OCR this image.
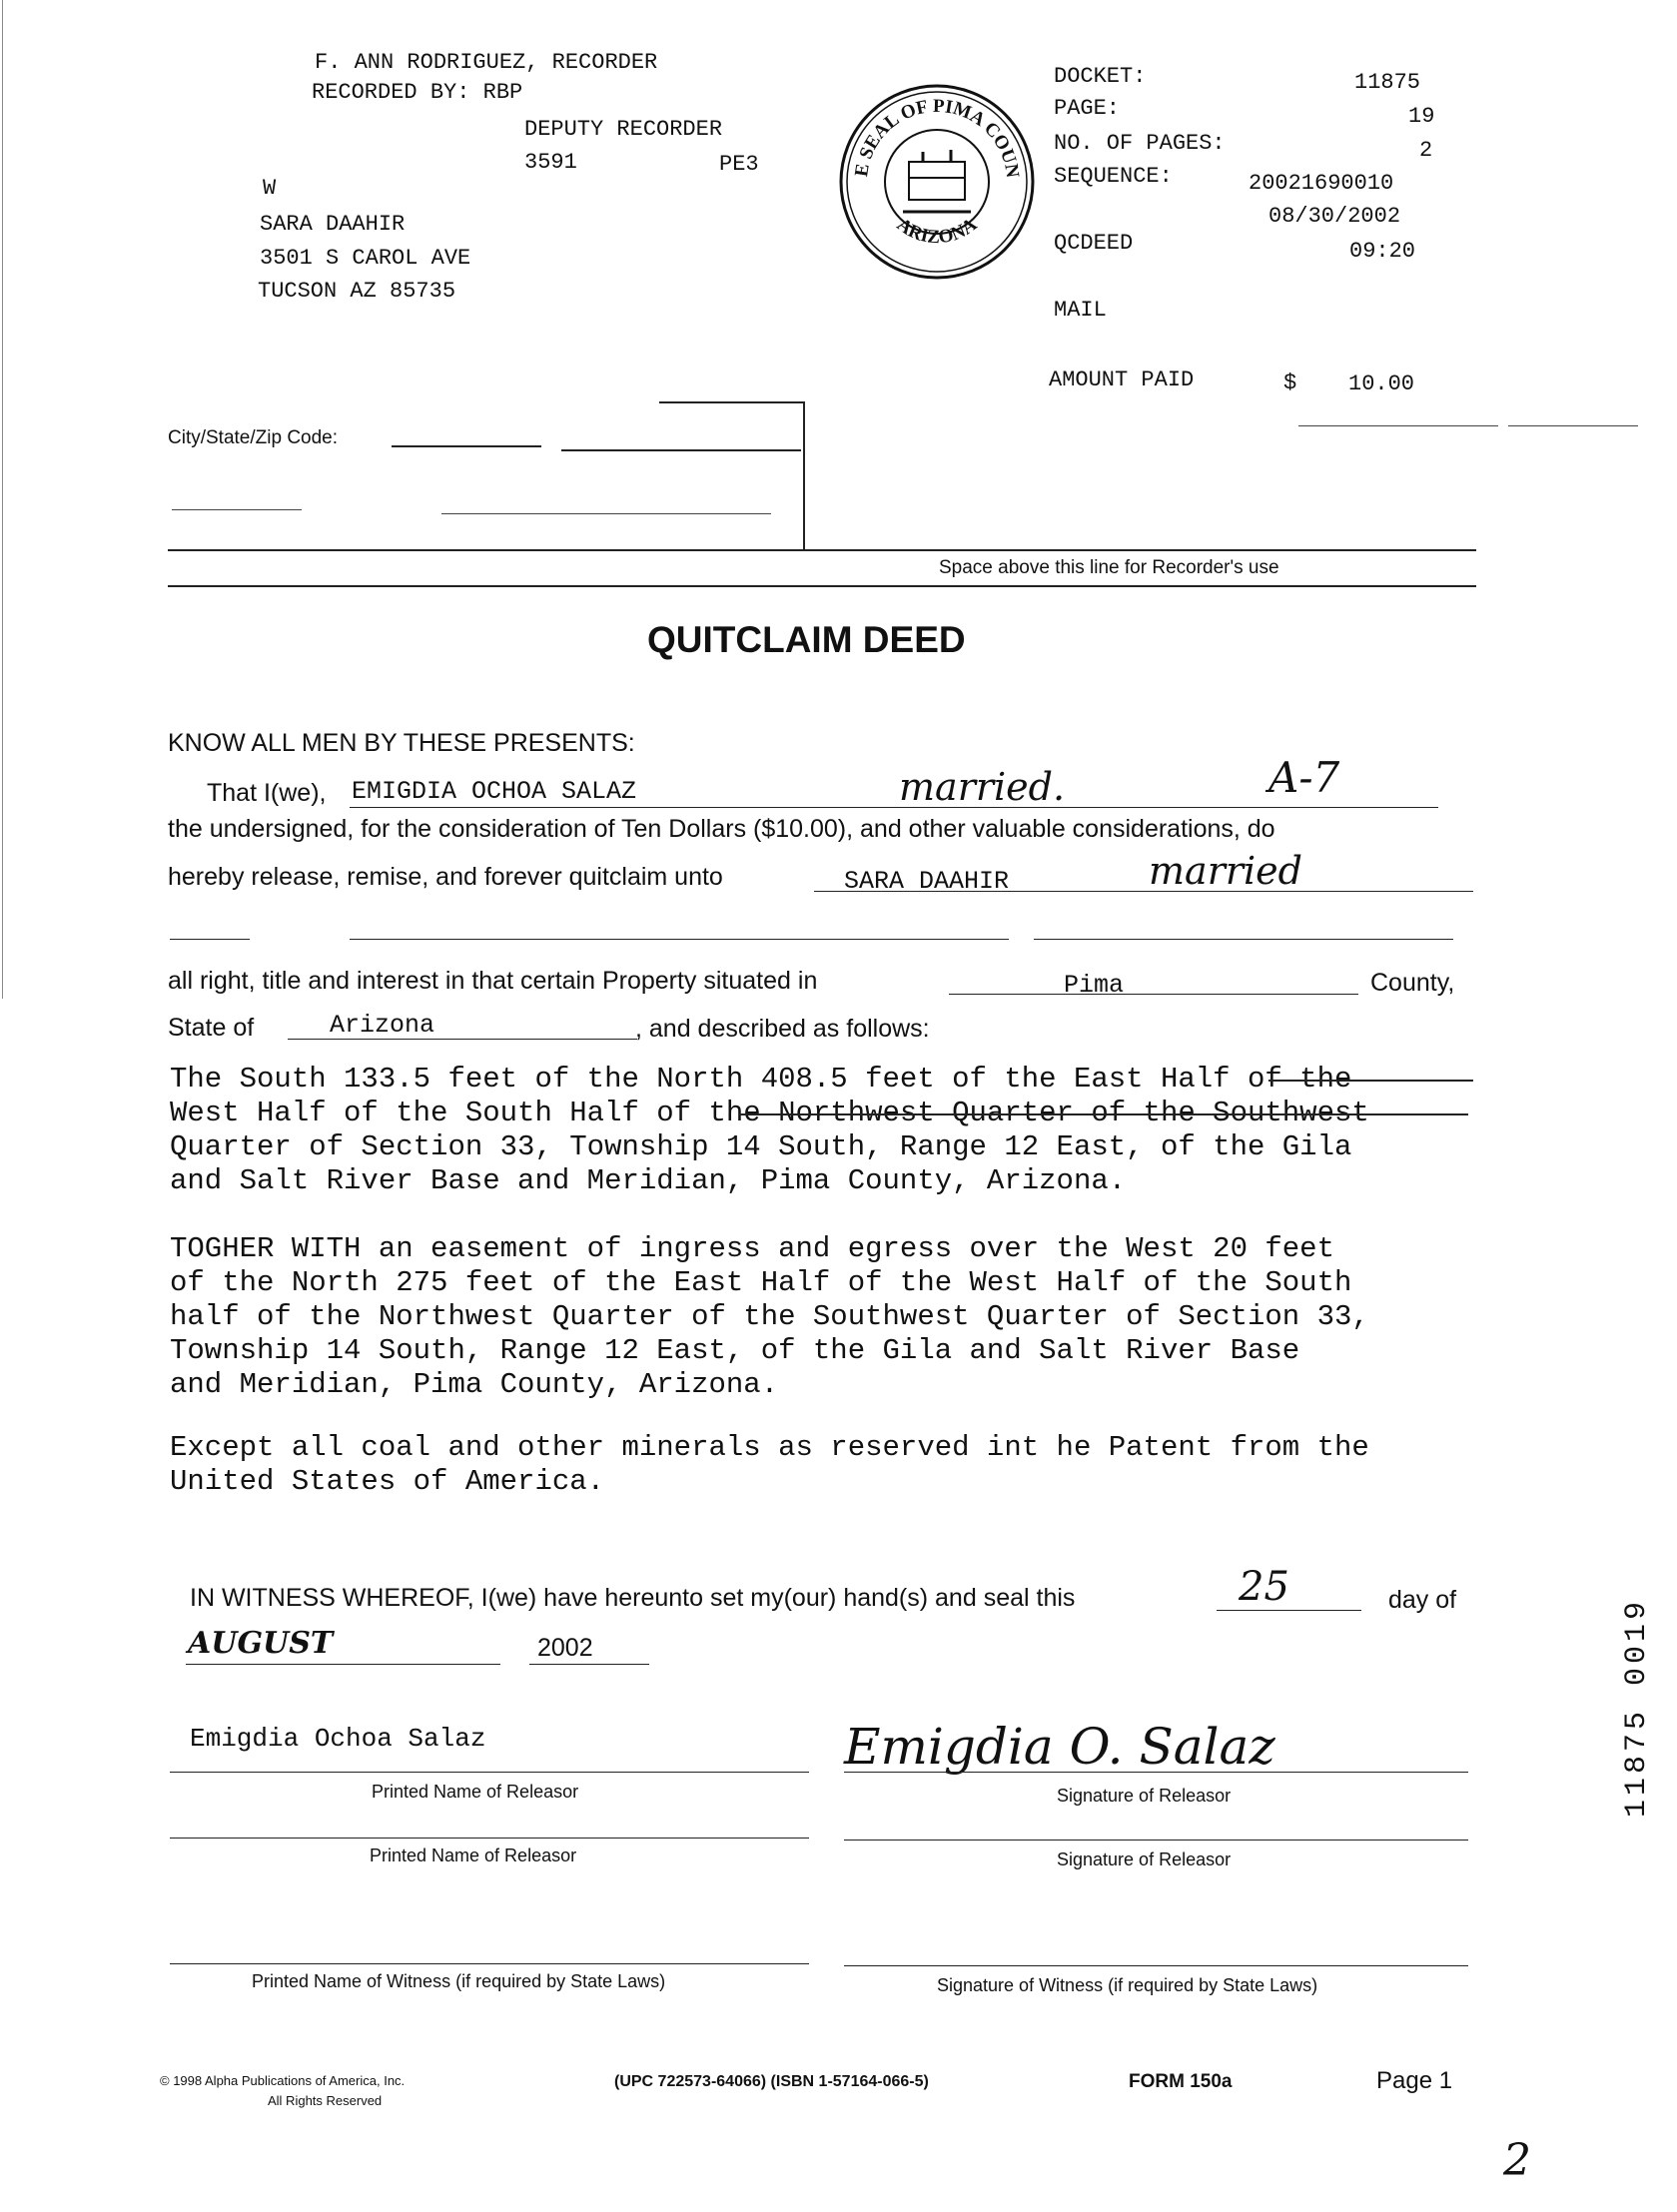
F. ANN RODRIGUEZ, RECORDER
RECORDED BY: RBP
DEPUTY RECORDER
3591	PE3
W
SARA DAAHIR
3501 S CAROL AVE
TUCSON AZ 85735
E SEAL OF PIMA COUN
ARIZONA
DOCKET:	11875
PAGE:	19
NO. OF PAGES:	2
SEQUENCE:	20021690010
08/30/2002
QCDEED	09:20
MAIL
AMOUNT PAID	$ 10.00
City/State/Zip Code:
Space above this line for Recorder's use
QUITCLAIM DEED
KNOW ALL MEN BY THESE PRESENTS:
That I(we), EMIGDIA OCHOA SALAZ	married.	A-7
the undersigned, for the consideration of Ten Dollars ($10.00), and other valuable considerations, do
hereby release, remise, and forever quitclaim unto	SARA DAAHIR	married
all right, title and interest in that certain Property situated in	Pima	County,
State of	Arizona	, and described as follows:
The South 133.5 feet of the North 408.5 feet of the East Half of the
West Half of the South Half of the Northwest Quarter of the Southwest
Quarter of Section 33, Township 14 South, Range 12 East, of the Gila
and Salt River Base and Meridian, Pima County, Arizona.
TOGHER WITH an easement of ingress and egress over the West 20 feet
of the North 275 feet of the East Half of the West Half of the South
half of the Northwest Quarter of the Southwest Quarter of Section 33,
Township 14 South, Range 12 East, of the Gila and Salt River Base
and Meridian, Pima County, Arizona.
Except all coal and other minerals as reserved int he Patent from the
United States of America.
IN WITNESS WHEREOF, I(we) have hereunto set my(our) hand(s) and seal this	25	day of
AUGUST	2002
Emigdia Ochoa Salaz	Emigdia O. Salaz
Printed Name of Releasor	Signature of Releasor
Printed Name of Releasor	Signature of Releasor
Printed Name of Witness (if required by State Laws)	Signature of Witness (if required by State Laws)
© 1998 Alpha Publications of America, Inc.
All Rights Reserved
(UPC 722573-64066) (ISBN 1-57164-066-5)	FORM 150a	Page 1
2
11875 0019
